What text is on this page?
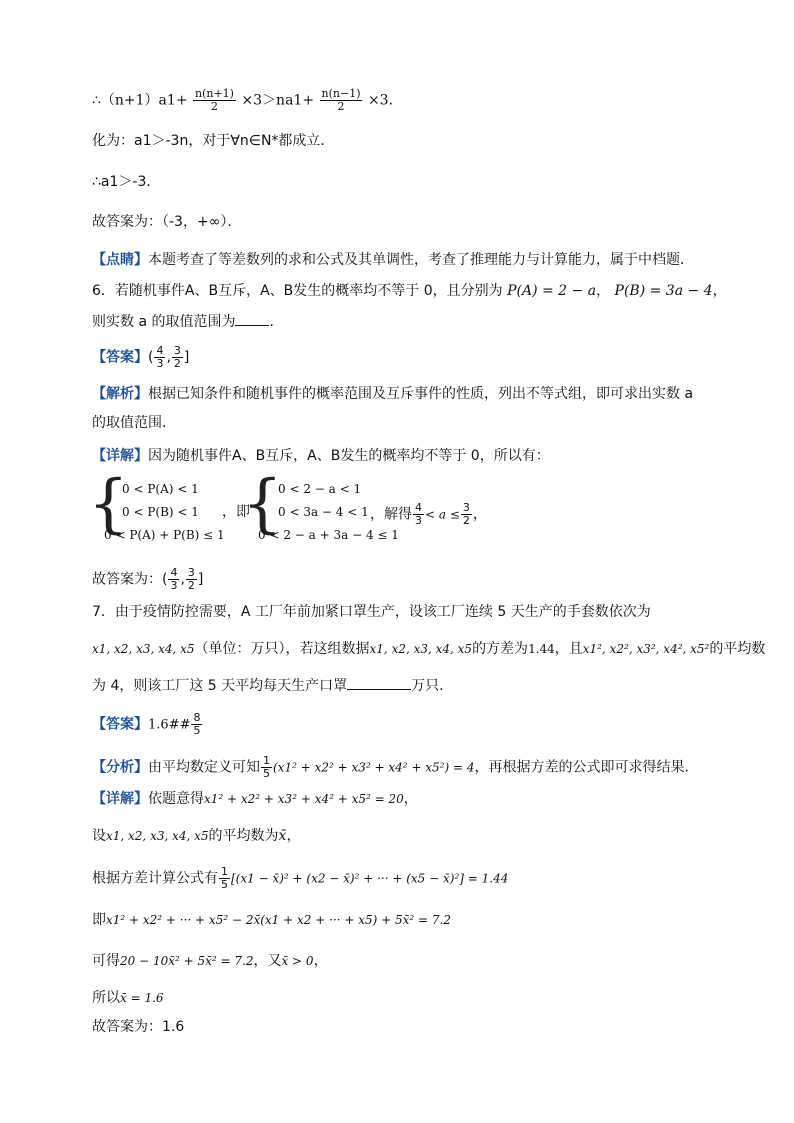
∴（n+1）a1+ $\frac{n(n+1)}{2} \times 3>na1+ \frac{n(n-1)}{2} \times 3$．
化为：a1＞-3n，对于∀n∈N*都成立．
∴a1＞-3．
故答案为：（-3，+∞）．
【点睛】本题考查了等差数列的求和公式及其单调性，考查了推理能力与计算能力，属于中档题．
6．若随机事件A、B互斥，A、B发生的概率均不等于 0，且分别为 P(A) = 2 − a， P(B) = 3a − 4，
则实数 a 的取值范围为 ．
【答案】( $\frac{4}{3}$ , $\frac{3}{2}$ ]
【解析】根据已知条件和随机事件的概率范围及互斥事件的性质，列出不等式组，即可求出实数 a
的取值范围.
【详解】因为随机事件A、B互斥，A、B发生的概率均不等于 0，所以有：
{
0 < P(A) < 1
0 < P(B) < 1
0 < P(A) + P(B) ≤ 1
，即
{
0 < 2 − a < 1
0 < 3a − 4 < 1
0 < 2 − a + 3a − 4 ≤ 1
，解得 $\frac{4}{3} < a \le \frac{3}{2}$ ，
故答案为：( $\frac{4}{3}$ , $\frac{3}{2}$ ]
7．由于疫情防控需要，A 工厂年前加紧口罩生产，设该工厂连续 5 天生产的手套数依次为
x1, x2, x3, x4, x5（单位：万只），若这组数据x1, x2, x3, x4, x5的方差为1.44，且x1², x2², x3², x4², x5²的平均数
为 4，则该工厂这 5 天平均每天生产口罩	万只.
【答案】1.6## $\frac{8}{5}$
【分析】由平均数定义可知 $\frac{1}{5} (x1^2 + x2^2 + x3^2 + x4^2 + x5^2) = 4$，再根据方差的公式即可求得结果.
【详解】依题意得x1² + x2² + x3² + x4² + x5² = 20，
设x1, x2, x3, x4, x5的平均数为x̄，
根据方差计算公式有 $\frac{1}{5} [(x1$ − x̄)² + (x2 − x̄)² + ··· + (x5 − x̄)²] = 1.44
即x1² + x2² + ··· + x5² − 2x̄(x1 + x2 + ··· + x5) + 5x̄² = 7.2
可得20 − 10x̄² + 5x̄² = 7.2，又x̄ > 0，
所以x̄ = 1.6
故答案为：1.6
